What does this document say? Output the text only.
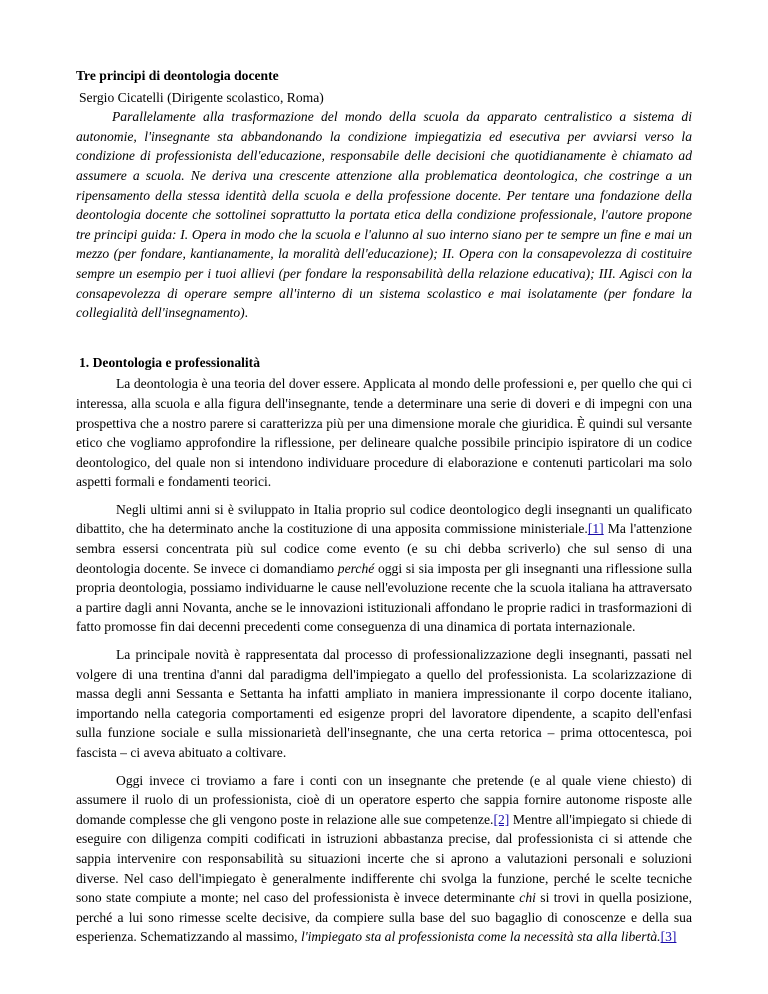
Tre principi di deontologia docente
Sergio Cicatelli (Dirigente scolastico, Roma)

Parallelamente alla trasformazione del mondo della scuola da apparato centralistico a sistema di autonomie, l'insegnante sta abbandonando la condizione impiegatizia ed esecutiva per avviarsi verso la condizione di professionista dell'educazione, responsabile delle decisioni che quotidianamente è chiamato ad assumere a scuola. Ne deriva una crescente attenzione alla problematica deontologica, che costringe a un ripensamento della stessa identità della scuola e della professione docente. Per tentare una fondazione della deontologia docente che sottolinei soprattutto la portata etica della condizione professionale, l'autore propone tre principi guida: I. Opera in modo che la scuola e l'alunno al suo interno siano per te sempre un fine e mai un mezzo (per fondare, kantianamente, la moralità dell'educazione); II. Opera con la consapevolezza di costituire sempre un esempio per i tuoi allievi (per fondare la responsabilità della relazione educativa); III. Agisci con la consapevolezza di operare sempre all'interno di un sistema scolastico e mai isolatamente (per fondare la collegialità dell'insegnamento).

1. Deontologia e professionalità

La deontologia è una teoria del dover essere. Applicata al mondo delle professioni e, per quello che qui ci interessa, alla scuola e alla figura dell'insegnante, tende a determinare una serie di doveri e di impegni con una prospettiva che a nostro parere si caratterizza più per una dimensione morale che giuridica. È quindi sul versante etico che vogliamo approfondire la riflessione, per delineare qualche possibile principio ispiratore di un codice deontologico, del quale non si intendono individuare procedure di elaborazione e contenuti particolari ma solo aspetti formali e fondamenti teorici.

Negli ultimi anni si è sviluppato in Italia proprio sul codice deontologico degli insegnanti un qualificato dibattito, che ha determinato anche la costituzione di una apposita commissione ministeriale.[1] Ma l'attenzione sembra essersi concentrata più sul codice come evento (e su chi debba scriverlo) che sul senso di una deontologia docente. Se invece ci domandiamo perché oggi si sia imposta per gli insegnanti una riflessione sulla propria deontologia, possiamo individuarne le cause nell'evoluzione recente che la scuola italiana ha attraversato a partire dagli anni Novanta, anche se le innovazioni istituzionali affondano le proprie radici in trasformazioni di fatto promosse fin dai decenni precedenti come conseguenza di una dinamica di portata internazionale.

La principale novità è rappresentata dal processo di professionalizzazione degli insegnanti, passati nel volgere di una trentina d'anni dal paradigma dell'impiegato a quello del professionista. La scolarizzazione di massa degli anni Sessanta e Settanta ha infatti ampliato in maniera impressionante il corpo docente italiano, importando nella categoria comportamenti ed esigenze propri del lavoratore dipendente, a scapito dell'enfasi sulla funzione sociale e sulla missionarietà dell'insegnante, che una certa retorica – prima ottocentesca, poi fascista – ci aveva abituato a coltivare.

Oggi invece ci troviamo a fare i conti con un insegnante che pretende (e al quale viene chiesto) di assumere il ruolo di un professionista, cioè di un operatore esperto che sappia fornire autonome risposte alle domande complesse che gli vengono poste in relazione alle sue competenze.[2] Mentre all'impiegato si chiede di eseguire con diligenza compiti codificati in istruzioni abbastanza precise, dal professionista ci si attende che sappia intervenire con responsabilità su situazioni incerte che si aprono a valutazioni personali e soluzioni diverse. Nel caso dell'impiegato è generalmente indifferente chi svolga la funzione, perché le scelte tecniche sono state compiute a monte; nel caso del professionista è invece determinante chi si trovi in quella posizione, perché a lui sono rimesse scelte decisive, da compiere sulla base del suo bagaglio di conoscenze e della sua esperienza. Schematizzando al massimo, l'impiegato sta al professionista come la necessità sta alla libertà.[3]
